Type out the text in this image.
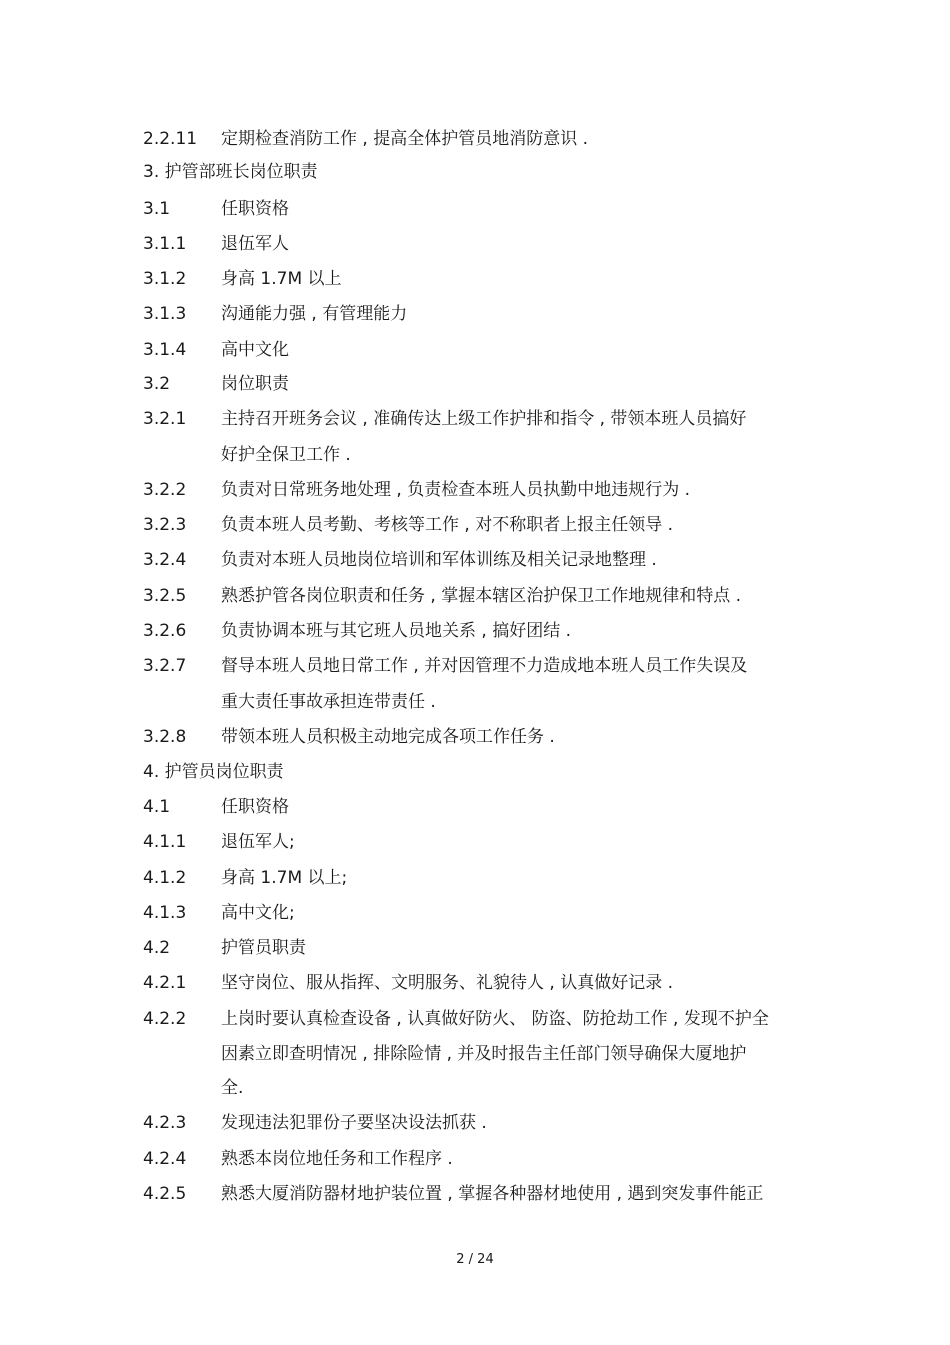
2.2.11 定期检查消防工作 , 提高全体护管员地消防意识 .
3. 护管部班长岗位职责
3.1	任职资格
3.1.1 退伍军人
3.1.2 身高 1.7M 以上
3.1.3 沟通能力强 , 有管理能力
3.1.4 高中文化
3.2	岗位职责
3.2.1 主持召开班务会议 , 准确传达上级工作护排和指令 , 带领本班人员搞好
好护全保卫工作 .
3.2.2 负责对日常班务地处理 , 负责检查本班人员执勤中地违规行为 .
3.2.3 负责本班人员考勤、考核等工作 , 对不称职者上报主任领导 .
3.2.4 负责对本班人员地岗位培训和军体训练及相关记录地整理 .
3.2.5 熟悉护管各岗位职责和任务 , 掌握本辖区治护保卫工作地规律和特点 .
3.2.6 负责协调本班与其它班人员地关系 , 搞好团结 .
3.2.7 督导本班人员地日常工作 , 并对因管理不力造成地本班人员工作失误及
重大责任事故承担连带责任 .
3.2.8 带领本班人员积极主动地完成各项工作任务 .
4. 护管员岗位职责
4.1	任职资格
4.1.1 退伍军人;
4.1.2 身高 1.7M 以上;
4.1.3 高中文化;
4.2	护管员职责
4.2.1 坚守岗位、服从指挥、文明服务、礼貌待人 , 认真做好记录 .
4.2.2 上岗时要认真检查设备 , 认真做好防火、 防盗、防抢劫工作 , 发现不护全
因素立即查明情况 , 排除险情 , 并及时报告主任部门领导确保大厦地护
全.
4.2.3 发现违法犯罪份子要坚决设法抓获 .
4.2.4 熟悉本岗位地任务和工作程序 .
4.2.5 熟悉大厦消防器材地护装位置 , 掌握各种器材地使用 , 遇到突发事件能正
2 / 24
